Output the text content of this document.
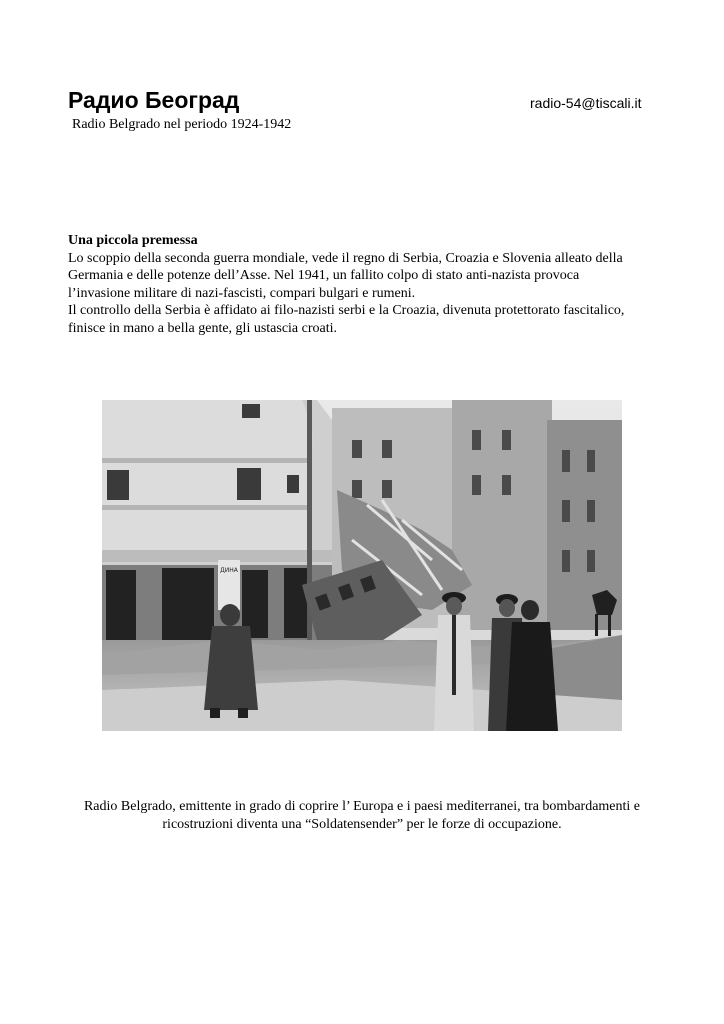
Радио Београд	radio-54@tiscali.it
Radio Belgrado nel periodo 1924-1942

Una piccola premessa

Lo scoppio della seconda guerra mondiale, vede il regno di Serbia, Croazia e Slovenia alleato della

Germania e delle potenze dell’Asse. Nel 1941, un fallito colpo di stato anti-nazista provoca

l’invasione militare di nazi-fascisti, compari bulgari e rumeni.

Il controllo della Serbia è affidato ai filo-nazisti serbi e la Croazia, divenuta protettorato fascitalico,

finisce in mano a bella gente, gli ustascia croati.

ДИНА

Radio Belgrado, emittente in grado di coprire l’ Europa e i paesi mediterranei, tra bombardamenti e

ricostruzioni diventa una “Soldatensender” per le forze di occupazione.
